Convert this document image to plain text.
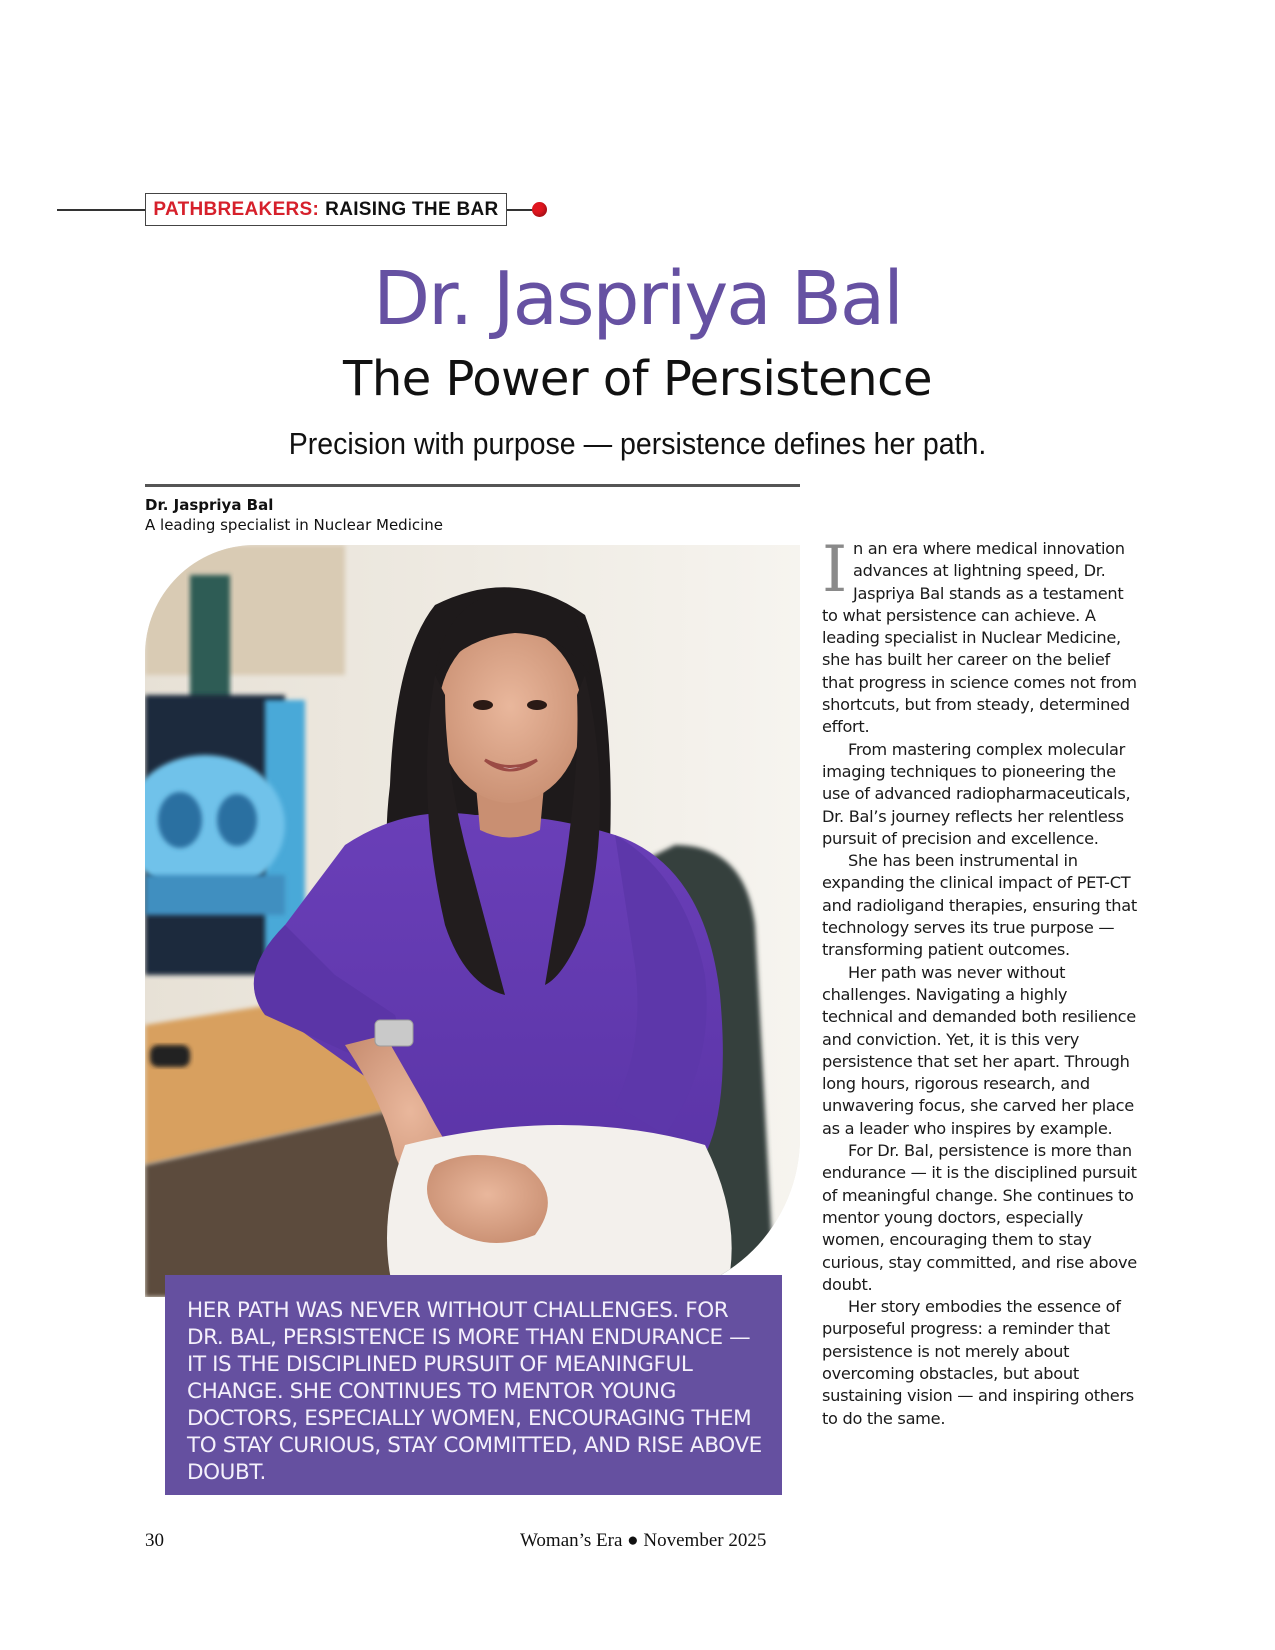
PATHBREAKERS: RAISING THE BAR
Dr. Jaspriya Bal
The Power of Persistence
Precision with purpose — persistence defines her path.
Dr. Jaspriya Bal
A leading specialist in Nuclear Medicine

HER PATH WAS NEVER WITHOUT CHALLENGES. FOR DR. BAL, PERSISTENCE IS MORE THAN ENDURANCE — IT IS THE DISCIPLINED PURSUIT OF MEANINGFUL CHANGE. SHE CONTINUES TO MENTOR YOUNG DOCTORS, ESPECIALLY WOMEN, ENCOURAGING THEM TO STAY CURIOUS, STAY COMMITTED, AND RISE ABOVE DOUBT.

In an era where medical innovation advances at lightning speed, Dr. Jaspriya Bal stands as a testament to what persistence can achieve. A leading specialist in Nuclear Medicine, she has built her career on the belief that progress in science comes not from shortcuts, but from steady, determined effort.

From mastering complex molecular imaging techniques to pioneering the use of advanced radiopharmaceuticals, Dr. Bal’s journey reflects her relentless pursuit of precision and excellence.

She has been instrumental in expanding the clinical impact of PET-CT and radioligand therapies, ensuring that technology serves its true purpose — transforming patient outcomes.

Her path was never without challenges. Navigating a highly technical and demanded both resilience and conviction. Yet, it is this very persistence that set her apart. Through long hours, rigorous research, and unwavering focus, she carved her place as a leader who inspires by example.

For Dr. Bal, persistence is more than endurance — it is the disciplined pursuit of meaningful change. She continues to mentor young doctors, especially women, encouraging them to stay curious, stay committed, and rise above doubt.

Her story embodies the essence of purposeful progress: a reminder that persistence is not merely about overcoming obstacles, but about sustaining vision — and inspiring others to do the same.

30	Woman’s Era ● November 2025
